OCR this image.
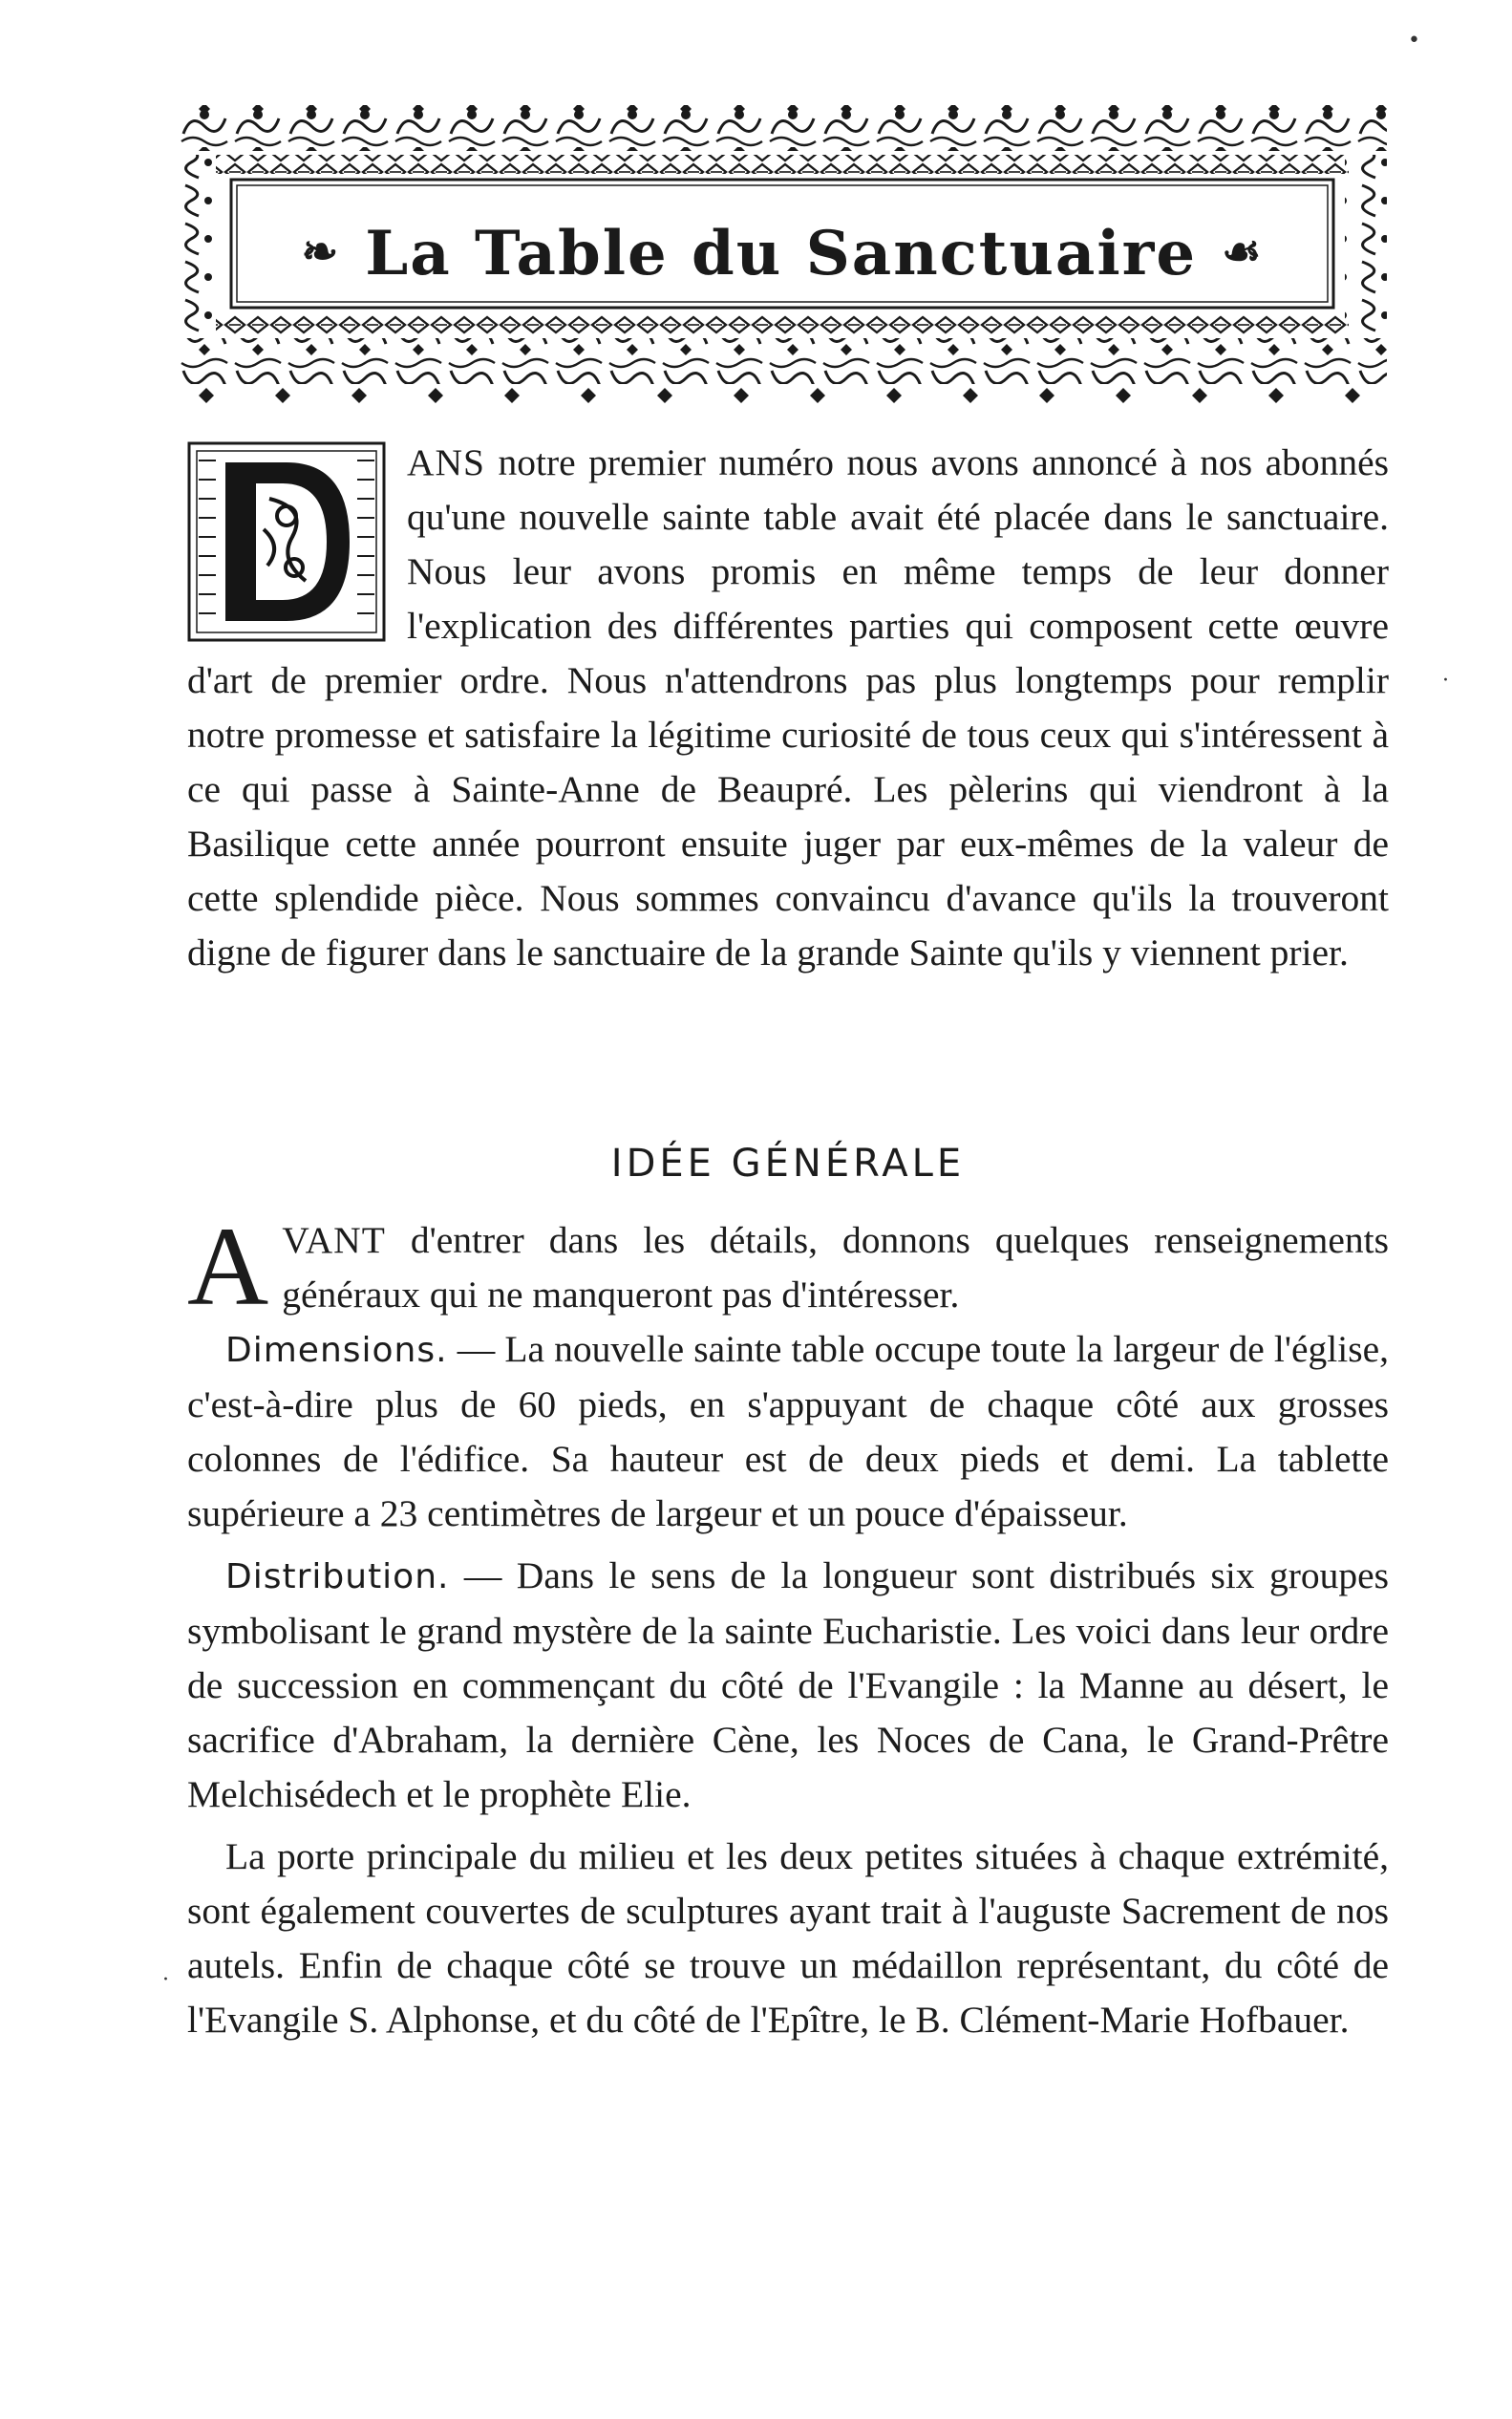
❧ La Table du Sanctuaire ☙

ANS notre premier numéro nous avons annoncé à nos abonnés qu'une nouvelle sainte table avait été placée dans le sanctuaire. Nous leur avons promis en même temps de leur donner l'explication des différentes parties qui composent cette œuvre d'art de premier ordre. Nous n'attendrons pas plus longtemps pour remplir notre promesse et satisfaire la légitime curiosité de tous ceux qui s'intéressent à ce qui passe à Sainte-Anne de Beaupré. Les pèlerins qui viendront à la Basilique cette année pourront ensuite juger par eux-mêmes de la valeur de cette splendide pièce. Nous sommes convaincu d'avance qu'ils la trouveront digne de figurer dans le sanctuaire de la grande Sainte qu'ils y viennent prier.

IDÉE GÉNÉRALE

AVANT d'entrer dans les détails, donnons quelques renseignements généraux qui ne manqueront pas d'intéresser.

Dimensions. — La nouvelle sainte table occupe toute la largeur de l'église, c'est-à-dire plus de 60 pieds, en s'appuyant de chaque côté aux grosses colonnes de l'édifice. Sa hauteur est de deux pieds et demi. La tablette supérieure a 23 centimètres de largeur et un pouce d'épaisseur.

Distribution. — Dans le sens de la longueur sont distribués six groupes symbolisant le grand mystère de la sainte Eucharistie. Les voici dans leur ordre de succession en commençant du côté de l'Evangile : la Manne au désert, le sacrifice d'Abraham, la dernière Cène, les Noces de Cana, le Grand-Prêtre Melchisédech et le prophète Elie.

La porte principale du milieu et les deux petites situées à chaque extrémité, sont également couvertes de sculptures ayant trait à l'auguste Sacrement de nos autels. Enfin de chaque côté se trouve un médaillon représentant, du côté de l'Evangile S. Alphonse, et du côté de l'Epître, le B. Clément-Marie Hofbauer.

•
·
·
